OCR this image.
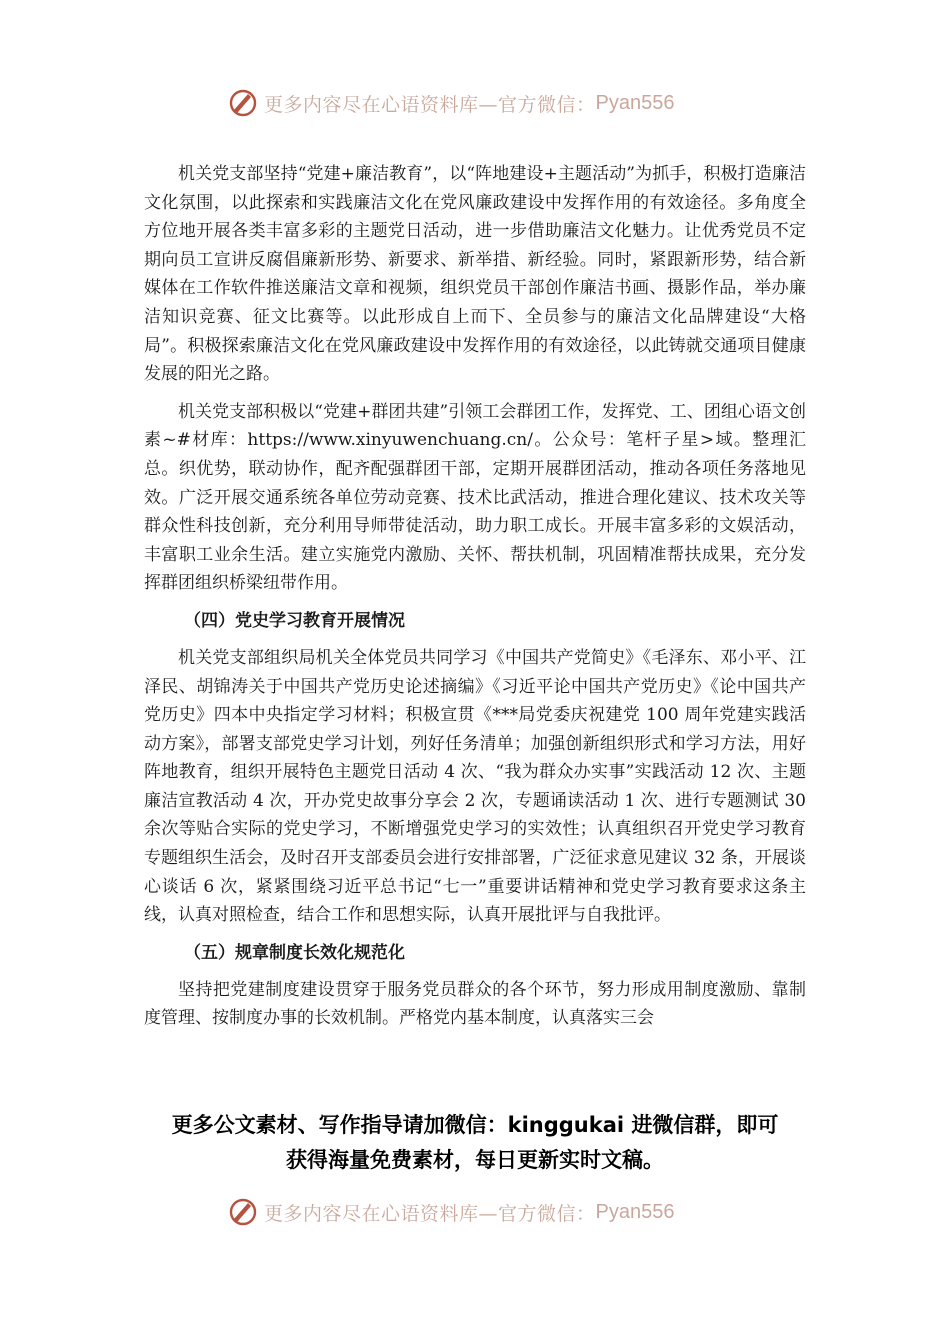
更多内容尽在心语资料库—官方微信： Pyan556

机关党支部坚持“党建+廉洁教育”，以“阵地建设+主题活动”为抓手，积极打造廉洁文化氛围，以此探索和实践廉洁文化在党风廉政建设中发挥作用的有效途径。多角度全方位地开展各类丰富多彩的主题党日活动，进一步借助廉洁文化魅力。让优秀党员不定期向员工宣讲反腐倡廉新形势、新要求、新举措、新经验。同时，紧跟新形势，结合新媒体在工作软件推送廉洁文章和视频，组织党员干部创作廉洁书画、摄影作品，举办廉洁知识竞赛、征文比赛等。以此形成自上而下、全员参与的廉洁文化品牌建设“大格局”。积极探索廉洁文化在党风廉政建设中发挥作用的有效途径，以此铸就交通项目健康发展的阳光之路。

机关党支部积极以“党建+群团共建”引领工会群团工作，发挥党、工、团组心语文创素~#材库：https://www.xinyuwenchuang.cn/。公众号：笔杆子星>域。整理汇总。织优势，联动协作，配齐配强群团干部，定期开展群团活动，推动各项任务落地见效。广泛开展交通系统各单位劳动竞赛、技术比武活动，推进合理化建议、技术攻关等群众性科技创新，充分利用导师带徒活动，助力职工成长。开展丰富多彩的文娱活动，丰富职工业余生活。建立实施党内激励、关怀、帮扶机制，巩固精准帮扶成果，充分发挥群团组织桥梁纽带作用。

（四）党史学习教育开展情况

机关党支部组织局机关全体党员共同学习《中国共产党简史》《毛泽东、邓小平、江泽民、胡锦涛关于中国共产党历史论述摘编》《习近平论中国共产党历史》《论中国共产党历史》四本中央指定学习材料；积极宣贯《***局党委庆祝建党 100 周年党建实践活动方案》，部署支部党史学习计划，列好任务清单；加强创新组织形式和学习方法，用好阵地教育，组织开展特色主题党日活动 4 次、“我为群众办实事”实践活动 12 次、主题廉洁宣教活动 4 次，开办党史故事分享会 2 次，专题诵读活动 1 次、进行专题测试 30 余次等贴合实际的党史学习，不断增强党史学习的实效性；认真组织召开党史学习教育专题组织生活会，及时召开支部委员会进行安排部署，广泛征求意见建议 32 条，开展谈心谈话 6 次，紧紧围绕习近平总书记“七一”重要讲话精神和党史学习教育要求这条主线，认真对照检查，结合工作和思想实际，认真开展批评与自我批评。

（五）规章制度长效化规范化

坚持把党建制度建设贯穿于服务党员群众的各个环节，努力形成用制度激励、靠制度管理、按制度办事的长效机制。严格党内基本制度，认真落实三会

更多公文素材、写作指导请加微信：kinggukai 进微信群，即可
获得海量免费素材，每日更新实时文稿。
更多内容尽在心语资料库—官方微信： Pyan556
